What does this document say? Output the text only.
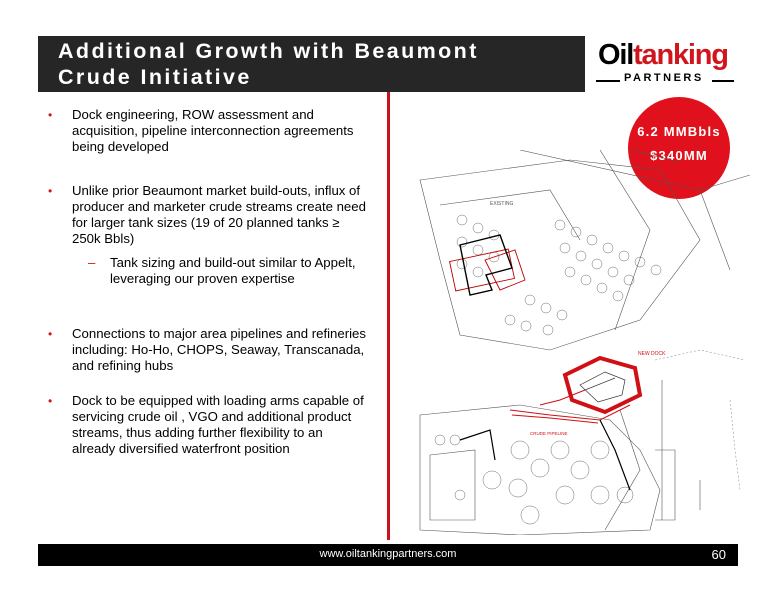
Additional Growth with Beaumont
Crude Initiative
Oiltanking
PARTNERS
6.2 MMBbls
$340MM
• Dock engineering, ROW assessment and acquisition, pipeline interconnection agreements being developed
• Unlike prior Beaumont market build-outs, influx of producer and marketer crude streams create need for larger tank sizes (19 of 20 planned tanks ≥ 250k Bbls)
– Tank sizing and build-out similar to Appelt, leveraging our proven expertise
• Connections to major area pipelines and refineries including: Ho-Ho, CHOPS, Seaway, Transcanada, and refining hubs
• Dock to be equipped with loading arms capable of servicing crude oil , VGO and additional product streams, thus adding further flexibility to an already diversified waterfront position
EXISTING
NEW DOCK
CRUDE PIPELINE
www.oiltankingpartners.com	60
